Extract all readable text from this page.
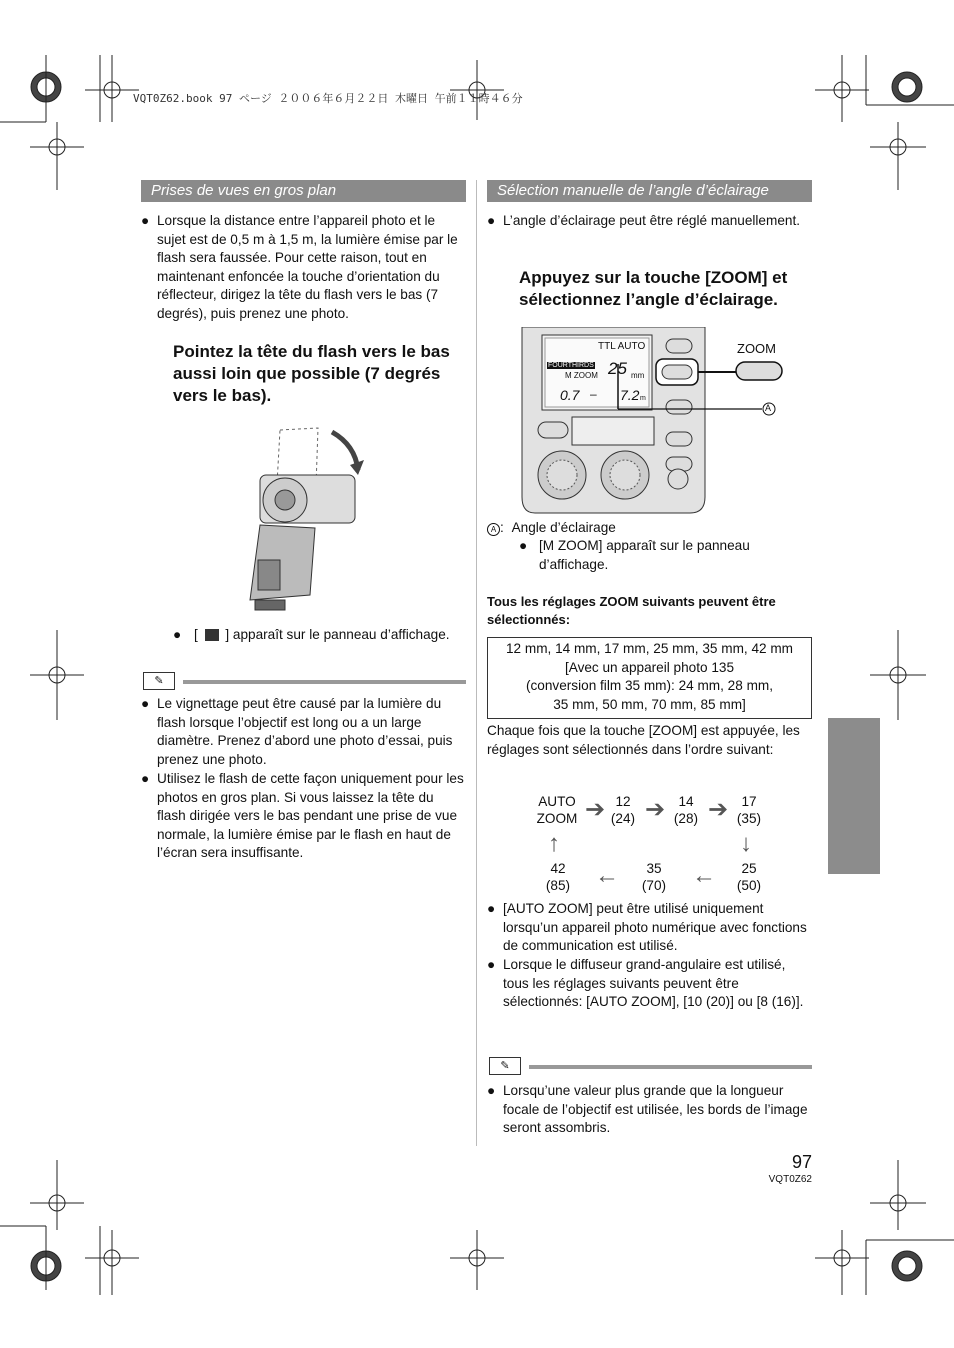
VQT0Z62.book 97 ページ ２００６年６月２２日 木曜日 午前１１時４６分
Prises de vues en gros plan
● Lorsque la distance entre l’appareil photo et le sujet est de 0,5 m à 1,5 m, la lumière émise par le flash sera faussée. Pour cette raison, tout en maintenant enfoncée la touche d’orientation du réflecteur, dirigez la tête du flash vers le bas (7 degrés), puis prenez une photo.
Pointez la tête du flash vers le bas aussi loin que possible (7 degrés vers le bas).
● [ ] apparaît sur le panneau d’affichage.
✎
● Le vignettage peut être causé par la lumière du flash lorsque l’objectif est long ou a un large diamètre. Prenez d’abord une photo d’essai, puis prenez une photo.
● Utilisez le flash de cette façon uniquement pour les photos en gros plan. Si vous laissez la tête du flash dirigée vers le bas pendant une prise de vue normale, la lumière émise par le flash en haut de l’écran sera insuffisante.
Sélection manuelle de l’angle d’éclairage
● L’angle d’éclairage peut être réglé manuellement.
Appuyez sur la touche [ZOOM] et sélectionnez l’angle d’éclairage.
TTL AUTO
FOURTHIRDS
M ZOOM 25 mm
0.7 – 7.2 m
ZOOM
A
A : Angle d’éclairage
● [M ZOOM] apparaît sur le panneau d’affichage.
Tous les réglages ZOOM suivants peuvent être sélectionnés:
12 mm, 14 mm, 17 mm, 25 mm, 35 mm, 42 mm
[Avec un appareil photo 135
(conversion film 35 mm): 24 mm, 28 mm,
35 mm, 50 mm, 70 mm, 85 mm]
Chaque fois que la touche [ZOOM] est appuyée, les réglages sont sélectionnés dans l’ordre suivant:
AUTO
ZOOM
12
(24)
14
(28)
17
(35)
25
(50)
35
(70)
42
(85)
➔ ➔ ➔
↓
←
←
↑
● [AUTO ZOOM] peut être utilisé uniquement lorsqu’un appareil photo numérique avec fonctions de communication est utilisé.
● Lorsque le diffuseur grand-angulaire est utilisé, tous les réglages suivants peuvent être sélectionnés: [AUTO ZOOM], [10 (20)] ou [8 (16)].
✎
● Lorsqu’une valeur plus grande que la longueur focale de l’objectif est utilisée, les bords de l’image seront assombris.
97
VQT0Z62
